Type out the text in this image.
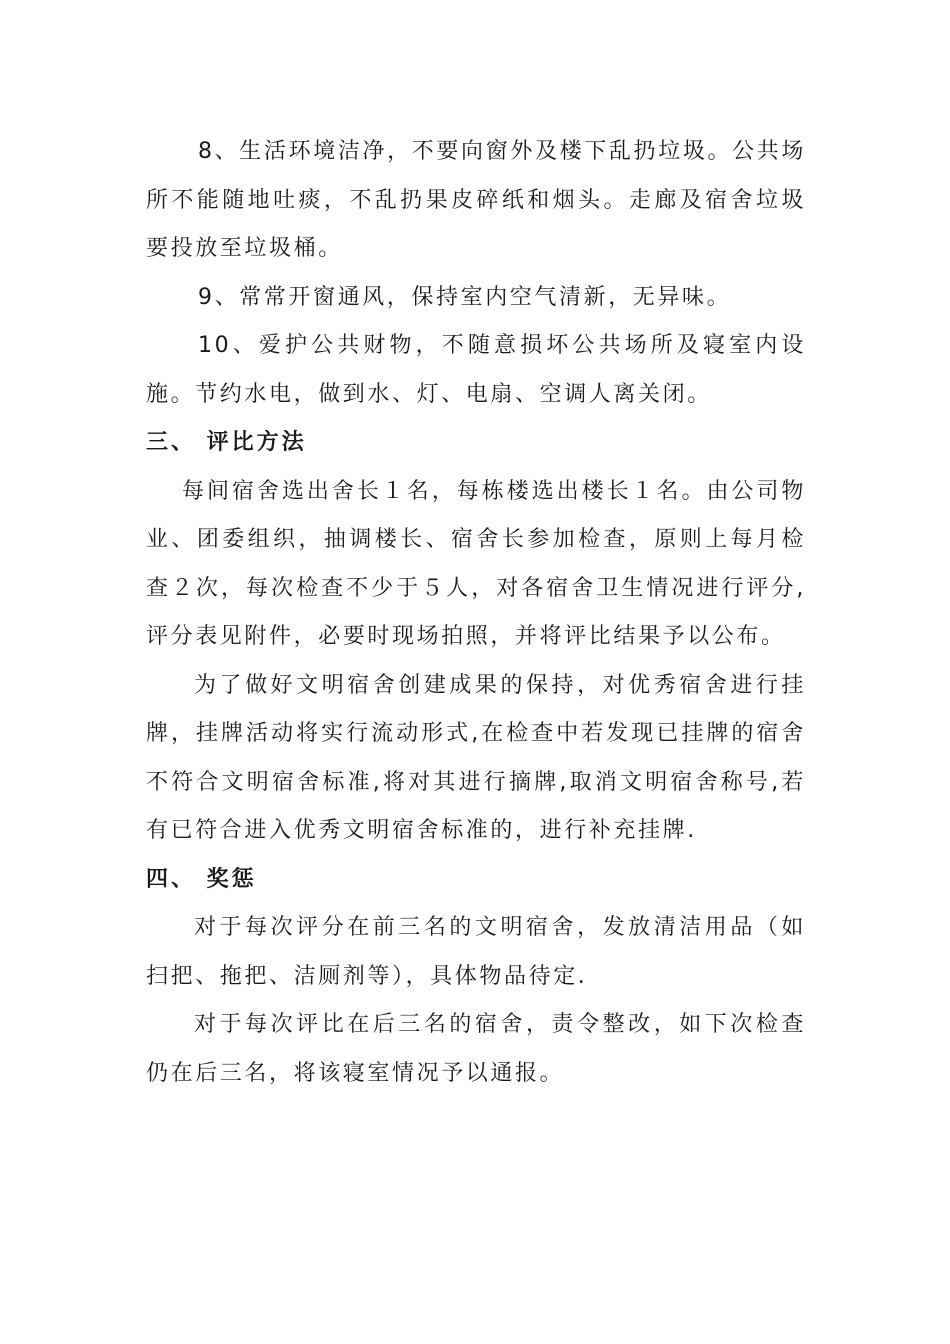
8、生活环境洁净，不要向窗外及楼下乱扔垃圾。公共场所不能随地吐痰，不乱扔果皮碎纸和烟头。走廊及宿舍垃圾要投放至垃圾桶。

9、常常开窗通风，保持室内空气清新，无异味。

10、爱护公共财物，不随意损坏公共场所及寝室内设施。节约水电，做到水、灯、电扇、空调人离关闭。

三、 评比方法

每间宿舍选出舍长１名，每栋楼选出楼长１名。由公司物业、团委组织，抽调楼长、宿舍长参加检查，原则上每月检查２次，每次检查不少于５人，对各宿舍卫生情况进行评分,评分表见附件，必要时现场拍照，并将评比结果予以公布。

为了做好文明宿舍创建成果的保持，对优秀宿舍进行挂牌，挂牌活动将实行流动形式,在检查中若发现已挂牌的宿舍不符合文明宿舍标准,将对其进行摘牌,取消文明宿舍称号,若有已符合进入优秀文明宿舍标准的，进行补充挂牌.

四、 奖惩

对于每次评分在前三名的文明宿舍，发放清洁用品（如扫把、拖把、洁厕剂等），具体物品待定.

对于每次评比在后三名的宿舍，责令整改，如下次检查仍在后三名，将该寝室情况予以通报。
